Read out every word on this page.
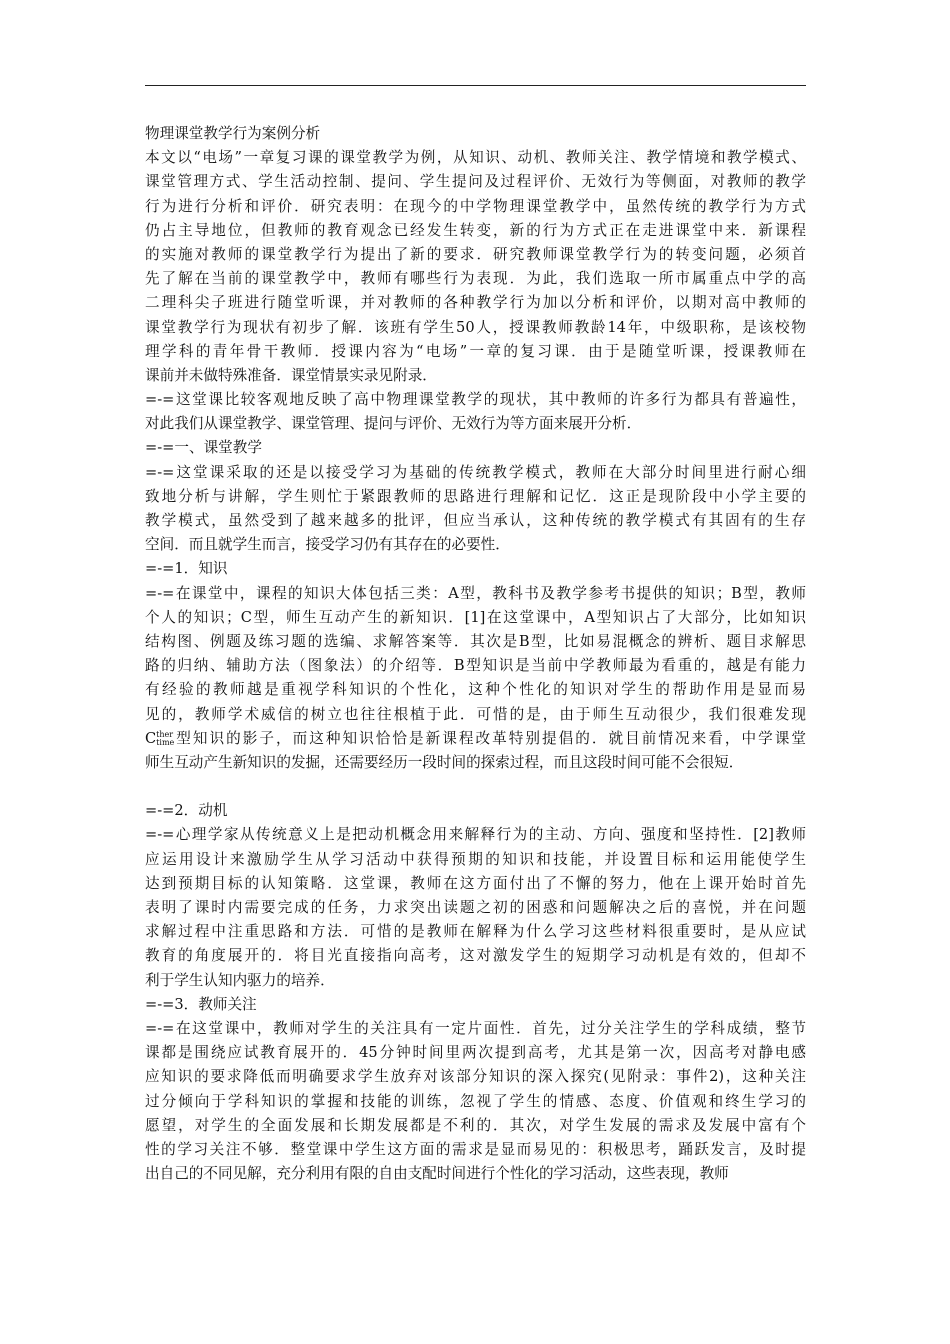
物理课堂教学行为案例分析
本文以“电场”一章复习课的课堂教学为例，从知识、动机、教师关注、教学情境和教学模式、
课堂管理方式、学生活动控制、提问、学生提问及过程评价、无效行为等侧面，对教师的教学
行为进行分析和评价．研究表明：在现今的中学物理课堂教学中，虽然传统的教学行为方式
仍占主导地位，但教师的教育观念已经发生转变，新的行为方式正在走进课堂中来．新课程
的实施对教师的课堂教学行为提出了新的要求．研究教师课堂教学行为的转变问题，必须首
先了解在当前的课堂教学中，教师有哪些行为表现．为此，我们选取一所市属重点中学的高
二理科尖子班进行随堂听课，并对教师的各种教学行为加以分析和评价，以期对高中教师的
课堂教学行为现状有初步了解．该班有学生50人，授课教师教龄14年，中级职称，是该校物
理学科的青年骨干教师．授课内容为“电场”一章的复习课．由于是随堂听课，授课教师在
课前并未做特殊准备．课堂情景实录见附录．
=-=这堂课比较客观地反映了高中物理课堂教学的现状，其中教师的许多行为都具有普遍性，
对此我们从课堂教学、课堂管理、提问与评价、无效行为等方面来展开分析．
=-=一、课堂教学
=-=这堂课采取的还是以接受学习为基础的传统教学模式，教师在大部分时间里进行耐心细
致地分析与讲解，学生则忙于紧跟教师的思路进行理解和记忆．这正是现阶段中小学主要的
教学模式，虽然受到了越来越多的批评，但应当承认，这种传统的教学模式有其固有的生存
空间．而且就学生而言，接受学习仍有其存在的必要性．
=-=1．知识
=-=在课堂中，课程的知识大体包括三类：A型，教科书及教学参考书提供的知识；B型，教师
个人的知识；C型，师生互动产生的新知识．[1]在这堂课中，A型知识占了大部分，比如知识
结构图、例题及练习题的选编、求解答案等．其次是B型，比如易混概念的辨析、题目求解思
路的归纳、辅助方法（图象法）的介绍等．B型知识是当前中学教师最为看重的，越是有能力
有经验的教师越是重视学科知识的个性化，这种个性化的知识对学生的帮助作用是显而易
见的，教师学术威信的树立也往往根植于此．可惜的是，由于师生互动很少，我们很难发现
C ther
time 型知识的影子，而这种知识恰恰是新课程改革特别提倡的．就目前情况来看，中学课堂
师生互动产生新知识的发掘，还需要经历一段时间的探索过程，而且这段时间可能不会很短．
=-=2．动机
=-=心理学家从传统意义上是把动机概念用来解释行为的主动、方向、强度和坚持性．[2]教师
应运用设计来激励学生从学习活动中获得预期的知识和技能，并设置目标和运用能使学生
达到预期目标的认知策略．这堂课，教师在这方面付出了不懈的努力，他在上课开始时首先
表明了课时内需要完成的任务，力求突出读题之初的困惑和问题解决之后的喜悦，并在问题
求解过程中注重思路和方法．可惜的是教师在解释为什么学习这些材料很重要时，是从应试
教育的角度展开的．将目光直接指向高考，这对激发学生的短期学习动机是有效的，但却不
利于学生认知内驱力的培养．
=-=3．教师关注
=-=在这堂课中，教师对学生的关注具有一定片面性．首先，过分关注学生的学科成绩，整节
课都是围绕应试教育展开的．45分钟时间里两次提到高考，尤其是第一次，因高考对静电感
应知识的要求降低而明确要求学生放弃对该部分知识的深入探究(见附录：事件2)，这种关注
过分倾向于学科知识的掌握和技能的训练，忽视了学生的情感、态度、价值观和终生学习的
愿望，对学生的全面发展和长期发展都是不利的．其次，对学生发展的需求及发展中富有个
性的学习关注不够．整堂课中学生这方面的需求是显而易见的：积极思考，踊跃发言，及时提
出自己的不同见解，充分利用有限的自由支配时间进行个性化的学习活动，这些表现，教师
